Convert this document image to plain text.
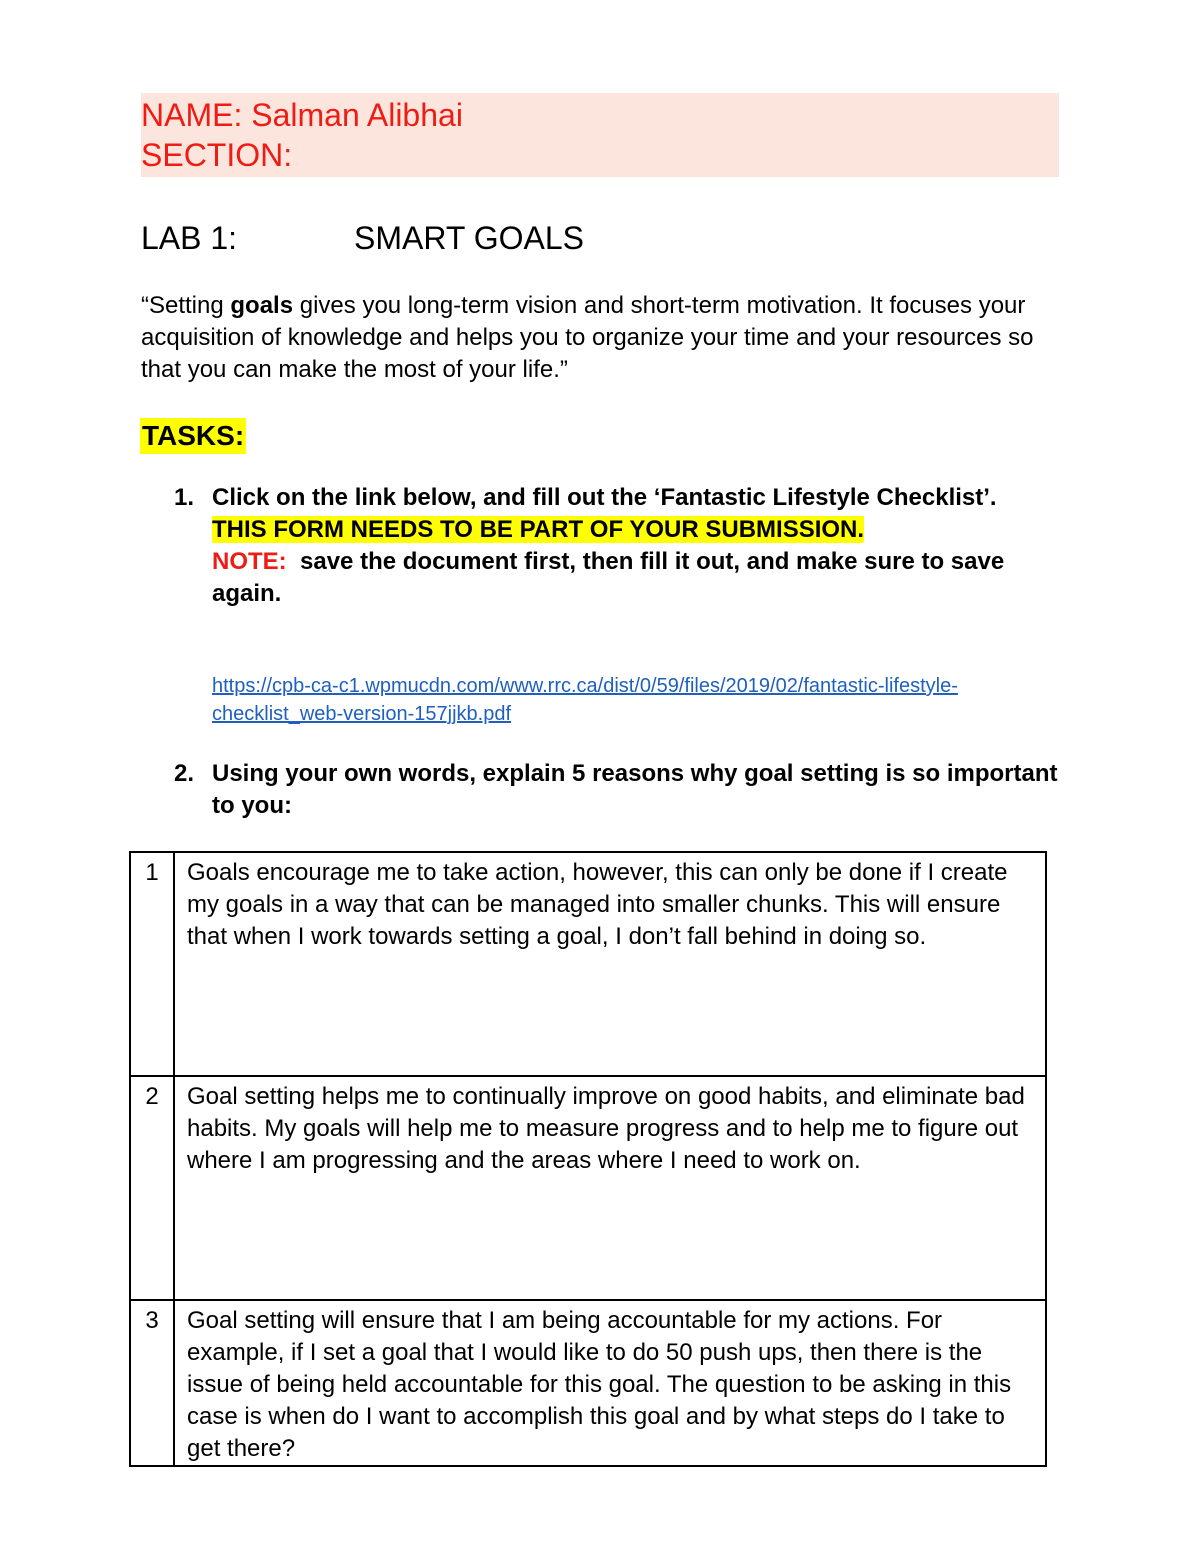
NAME: Salman Alibhai
SECTION:
LAB 1:	SMART GOALS

“Setting goals gives you long-term vision and short-term motivation. It focuses your acquisition of knowledge and helps you to organize your time and your resources so that you can make the most of your life.”

TASKS:
1. Click on the link below, and fill out the ‘Fantastic Lifestyle Checklist’.  THIS FORM NEEDS TO BE PART OF YOUR SUBMISSION.
NOTE: save the document first, then fill it out, and make sure to save again.
https://cpb-ca-c1.wpmucdn.com/www.rrc.ca/dist/0/59/files/2019/02/fantastic-lifestyle-checklist_web-version-157jjkb.pdf
2. Using your own words, explain 5 reasons why goal setting is so important to you:
1	Goals encourage me to take action, however, this can only be done if I create my goals in a way that can be managed into smaller chunks. This will ensure that when I work towards setting a goal, I don’t fall behind in doing so.
2	Goal setting helps me to continually improve on good habits, and eliminate bad habits. My goals will help me to measure progress and to help me to figure out where I am progressing and the areas where I need to work on.
3	Goal setting will ensure that I am being accountable for my actions. For example, if I set a goal that I would like to do 50 push ups, then there is the issue of being held accountable for this goal. The question to be asking in this case is when do I want to accomplish this goal and by what steps do I take to get there?
